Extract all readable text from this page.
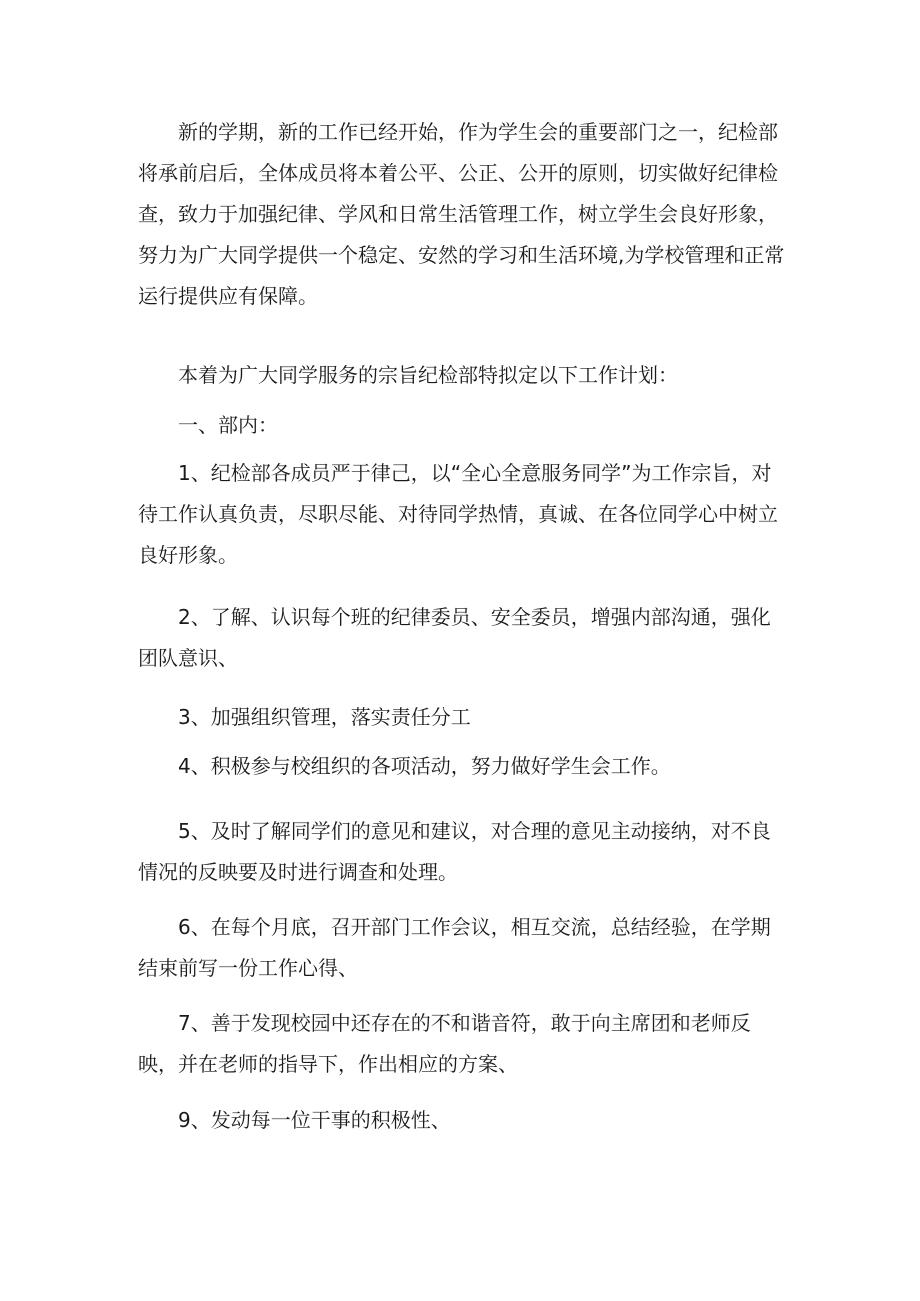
新的学期，新的工作已经开始，作为学生会的重要部门之一，纪检部将承前启后，全体成员将本着公平、公正、公开的原则，切实做好纪律检查，致力于加强纪律、学风和日常生活管理工作，树立学生会良好形象，努力为广大同学提供一个稳定、安然的学习和生活环境,为学校管理和正常运行提供应有保障。

本着为广大同学服务的宗旨纪检部特拟定以下工作计划：

一、部内：

1、纪检部各成员严于律己，以“全心全意服务同学”为工作宗旨，对待工作认真负责，尽职尽能、对待同学热情，真诚、在各位同学心中树立良好形象。

2、了解、认识每个班的纪律委员、安全委员，增强内部沟通，强化团队意识、

3、加强组织管理，落实责任分工

4、积极参与校组织的各项活动，努力做好学生会工作。

5、及时了解同学们的意见和建议，对合理的意见主动接纳，对不良情况的反映要及时进行调查和处理。

6、在每个月底，召开部门工作会议，相互交流，总结经验，在学期结束前写一份工作心得、

7、善于发现校园中还存在的不和谐音符，敢于向主席团和老师反映，并在老师的指导下，作出相应的方案、

9、发动每一位干事的积极性、
